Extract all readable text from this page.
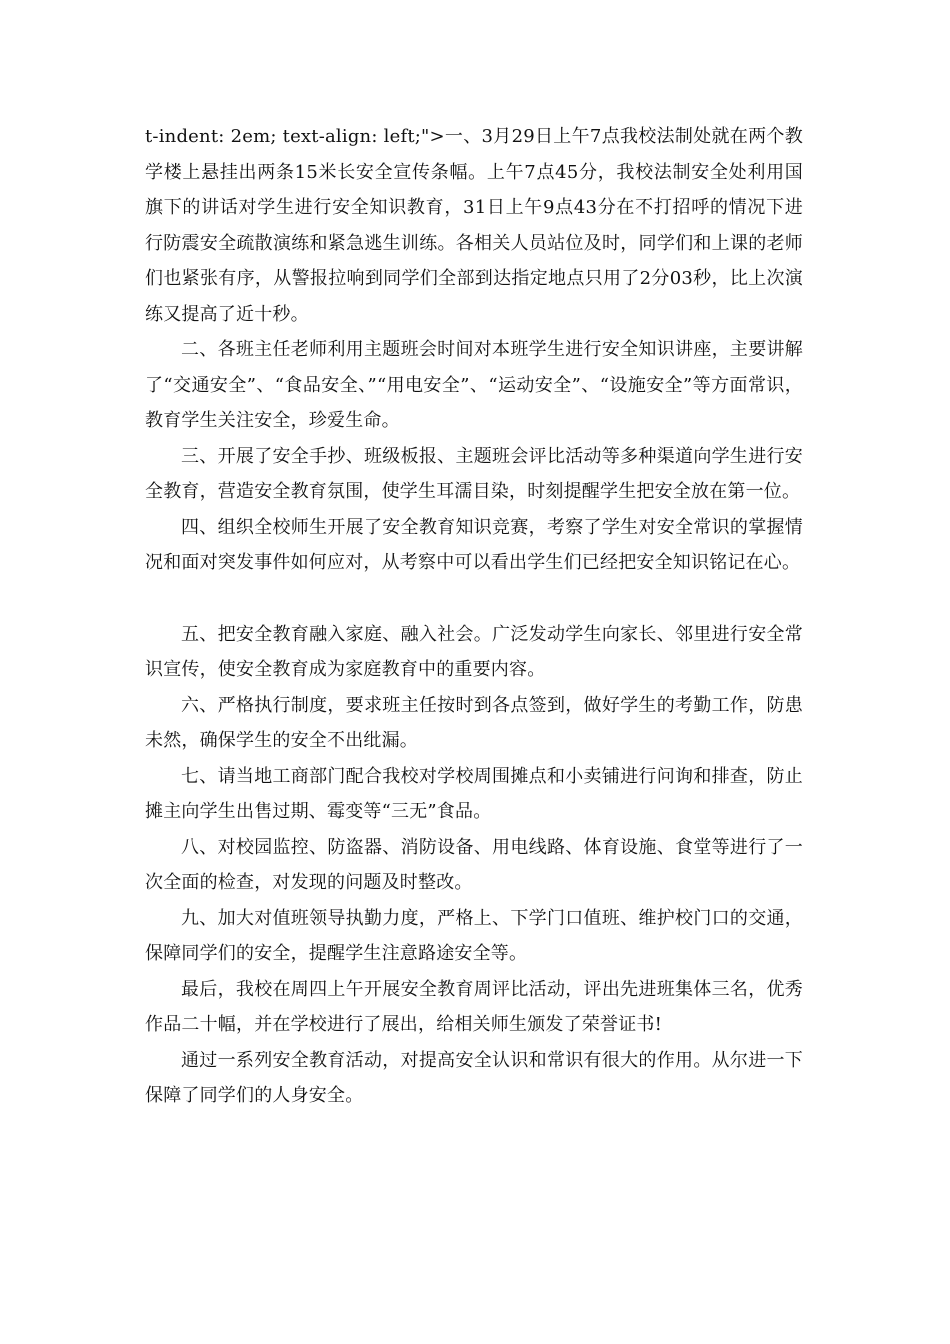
t-indent: 2em; text-align: left;">一、3月29日上午7点我校法制处就在两个教学楼上悬挂出两条15米长安全宣传条幅。上午7点45分，我校法制安全处利用国旗下的讲话对学生进行安全知识教育，31日上午9点43分在不打招呼的情况下进行防震安全疏散演练和紧急逃生训练。各相关人员站位及时，同学们和上课的老师们也紧张有序，从警报拉响到同学们全部到达指定地点只用了2分03秒，比上次演练又提高了近十秒。

二、各班主任老师利用主题班会时间对本班学生进行安全知识讲座，主要讲解了“交通安全”、“食品安全、”“用电安全”、“运动安全”、“设施安全”等方面常识，教育学生关注安全，珍爱生命。

三、开展了安全手抄、班级板报、主题班会评比活动等多种渠道向学生进行安全教育，营造安全教育氛围，使学生耳濡目染，时刻提醒学生把安全放在第一位。

四、组织全校师生开展了安全教育知识竞赛，考察了学生对安全常识的掌握情况和面对突发事件如何应对，从考察中可以看出学生们已经把安全知识铭记在心。

五、把安全教育融入家庭、融入社会。广泛发动学生向家长、邻里进行安全常识宣传，使安全教育成为家庭教育中的重要内容。

六、严格执行制度，要求班主任按时到各点签到，做好学生的考勤工作，防患未然，确保学生的安全不出纰漏。

七、请当地工商部门配合我校对学校周围摊点和小卖铺进行问询和排查，防止摊主向学生出售过期、霉变等“三无”食品。

八、对校园监控、防盗器、消防设备、用电线路、体育设施、食堂等进行了一次全面的检查，对发现的问题及时整改。

九、加大对值班领导执勤力度，严格上、下学门口值班、维护校门口的交通，保障同学们的安全，提醒学生注意路途安全等。

最后，我校在周四上午开展安全教育周评比活动，评出先进班集体三名，优秀作品二十幅，并在学校进行了展出，给相关师生颁发了荣誉证书!

通过一系列安全教育活动，对提高安全认识和常识有很大的作用。从尔进一下保障了同学们的人身安全。
